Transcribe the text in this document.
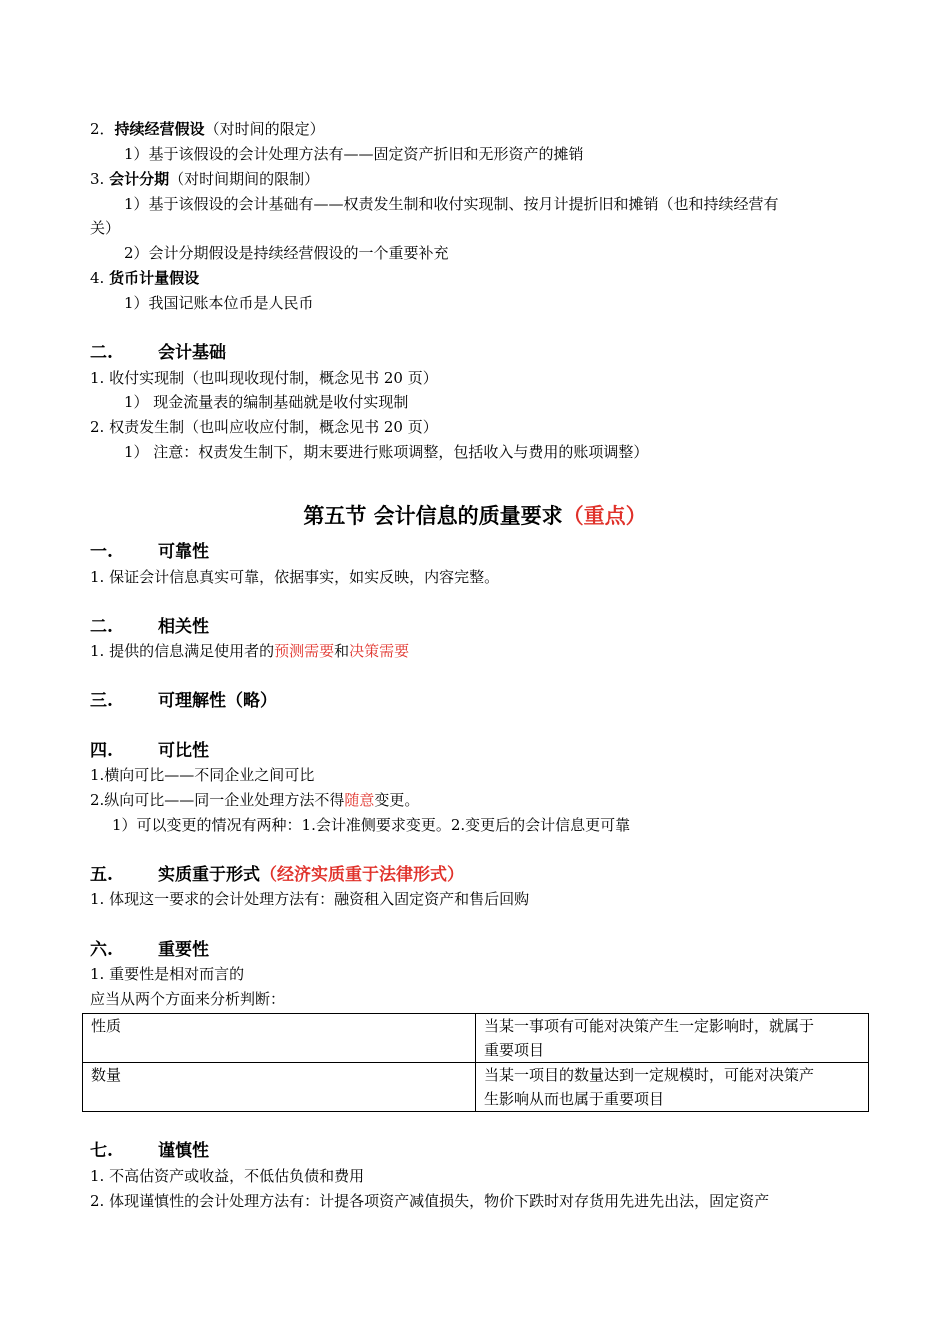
2．持续经营假设（对时间的限定）
1）基于该假设的会计处理方法有——固定资产折旧和无形资产的摊销
3. 会计分期（对时间期间的限制）
1）基于该假设的会计基础有——权责发生制和收付实现制、按月计提折旧和摊销（也和持续经营有
关）
2）会计分期假设是持续经营假设的一个重要补充
4. 货币计量假设
1）我国记账本位币是人民币
二.	会计基础
1. 收付实现制（也叫现收现付制，概念见书 20 页）
1） 现金流量表的编制基础就是收付实现制
2. 权责发生制（也叫应收应付制，概念见书 20 页）
1） 注意：权责发生制下，期末要进行账项调整，包括收入与费用的账项调整）
第五节 会计信息的质量要求（重点）
一.	可靠性
1. 保证会计信息真实可靠，依据事实，如实反映，内容完整。
二.	相关性
1. 提供的信息满足使用者的预测需要和决策需要
三.	可理解性（略）
四.	可比性
1.横向可比——不同企业之间可比
2.纵向可比——同一企业处理方法不得随意变更。
1）可以变更的情况有两种：1.会计准侧要求变更。2.变更后的会计信息更可靠
五.	实质重于形式（经济实质重于法律形式）
1. 体现这一要求的会计处理方法有：融资租入固定资产和售后回购
六.	重要性
1. 重要性是相对而言的
应当从两个方面来分析判断：
性质	当某一事项有可能对决策产生一定影响时，就属于
重要项目
数量	当某一项目的数量达到一定规模时，可能对决策产
生影响从而也属于重要项目
七.	谨慎性
1. 不高估资产或收益，不低估负债和费用
2. 体现谨慎性的会计处理方法有：计提各项资产减值损失，物价下跌时对存货用先进先出法，固定资产
